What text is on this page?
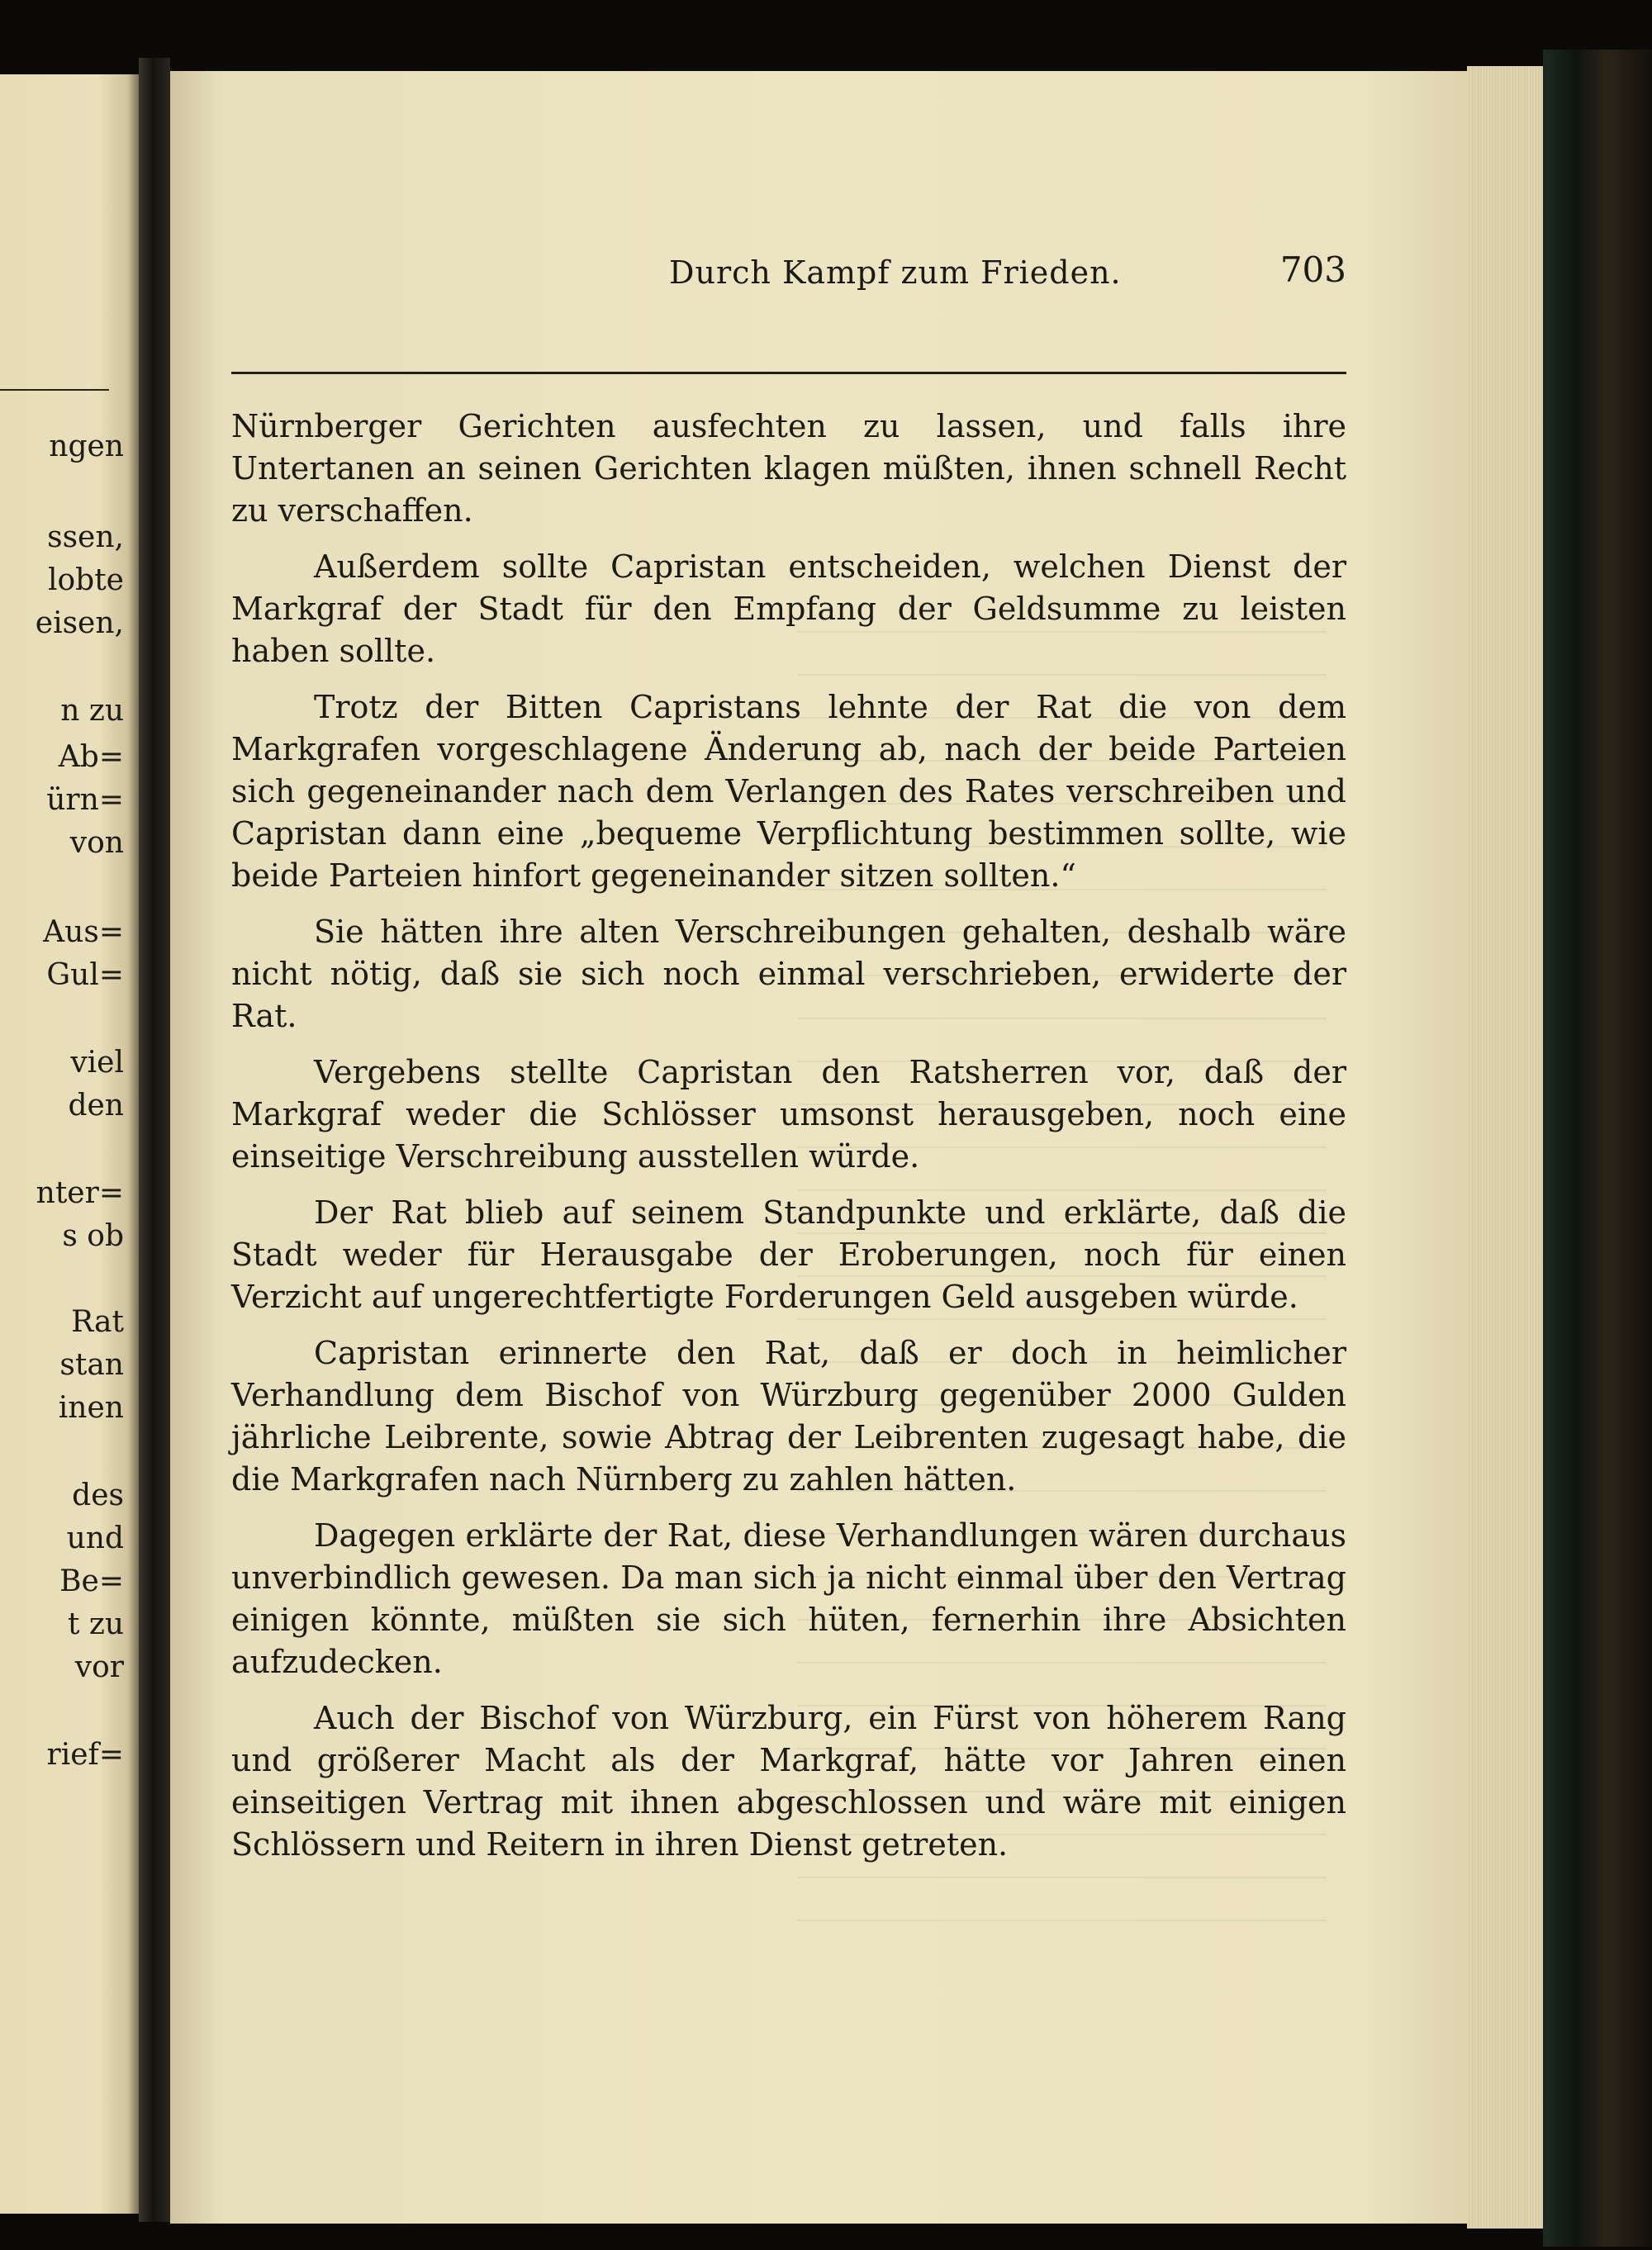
ngen
ssen,
lobte
eisen,
n zu
Ab=
ürn=
von
Aus=
Gul=
viel
den
nter=
s ob
Rat
stan
inen
des
und
Be=
t zu
vor
rief=
Durch Kampf zum Frieden.	703

Nürnberger Gerichten ausfechten zu lassen, und falls ihre Untertanen an seinen Gerichten klagen müßten, ihnen schnell Recht zu verschaffen.

Außerdem sollte Capristan entscheiden, welchen Dienst der Markgraf der Stadt für den Empfang der Geldsumme zu leisten haben sollte.

Trotz der Bitten Capristans lehnte der Rat die von dem Markgrafen vorgeschlagene Änderung ab, nach der beide Parteien sich gegeneinander nach dem Verlangen des Rates verschreiben und Capristan dann eine „bequeme Verpflichtung bestimmen sollte, wie beide Parteien hinfort gegeneinander sitzen sollten.“

Sie hätten ihre alten Verschreibungen gehalten, deshalb wäre nicht nötig, daß sie sich noch einmal verschrieben, erwiderte der Rat.

Vergebens stellte Capristan den Ratsherren vor, daß der Markgraf weder die Schlösser umsonst herausgeben, noch eine einseitige Verschreibung ausstellen würde.

Der Rat blieb auf seinem Standpunkte und erklärte, daß die Stadt weder für Herausgabe der Eroberungen, noch für einen Verzicht auf ungerechtfertigte Forderungen Geld ausgeben würde.

Capristan erinnerte den Rat, daß er doch in heimlicher Verhandlung dem Bischof von Würzburg gegenüber 2000 Gulden jährliche Leibrente, sowie Abtrag der Leibrenten zugesagt habe, die die Markgrafen nach Nürnberg zu zahlen hätten.

Dagegen erklärte der Rat, diese Verhandlungen wären durchaus unverbindlich gewesen. Da man sich ja nicht einmal über den Vertrag einigen könnte, müßten sie sich hüten, fernerhin ihre Absichten aufzudecken.

Auch der Bischof von Würzburg, ein Fürst von höherem Rang und größerer Macht als der Markgraf, hätte vor Jahren einen einseitigen Vertrag mit ihnen abgeschlossen und wäre mit einigen Schlössern und Reitern in ihren Dienst getreten.
